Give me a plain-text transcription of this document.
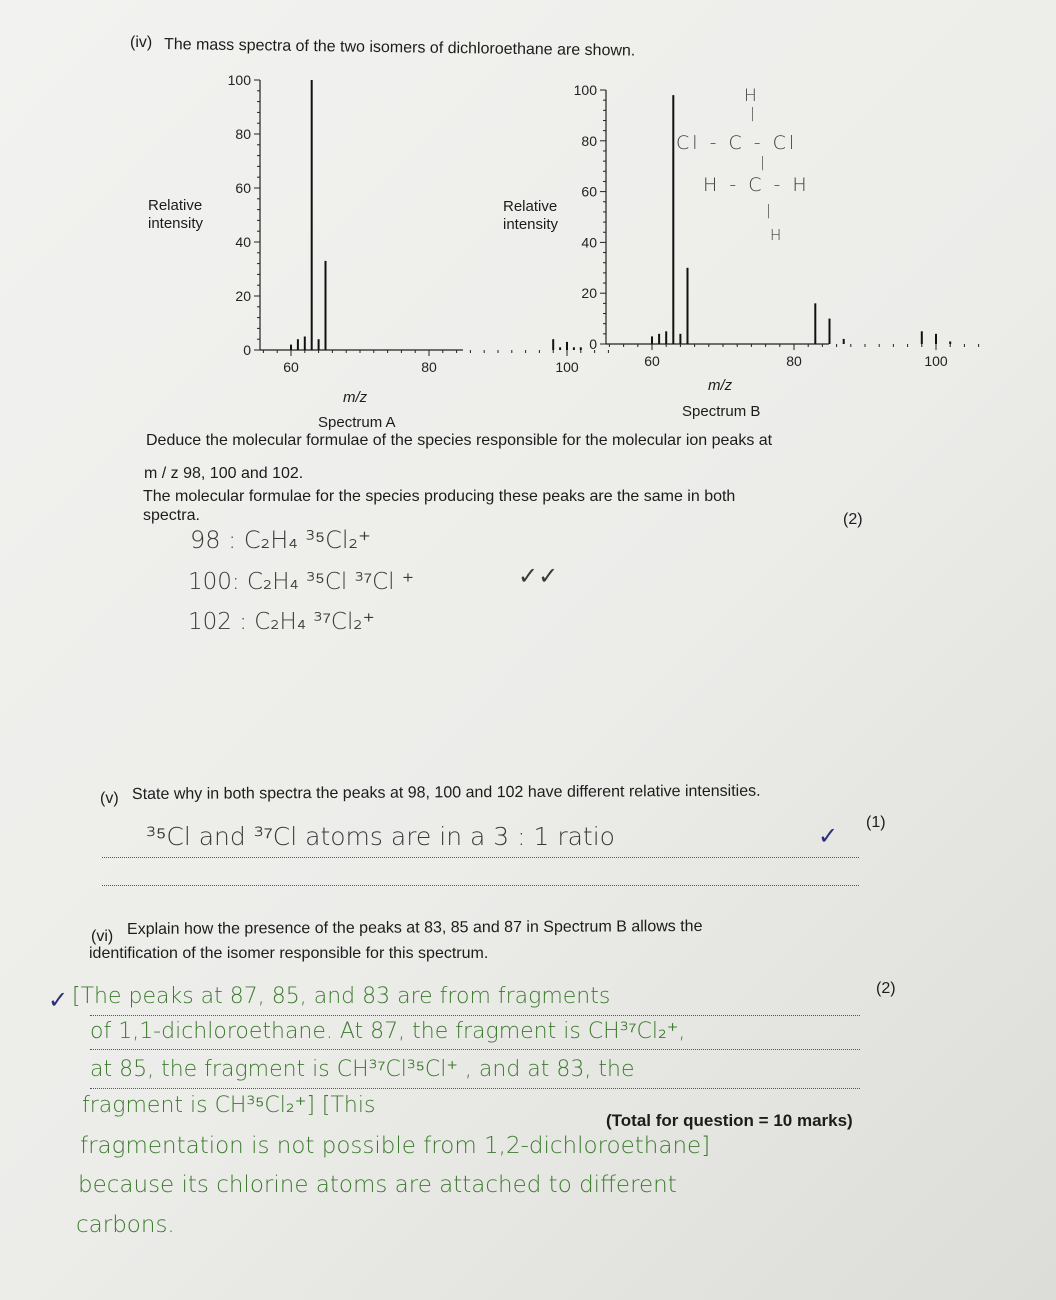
(iv) The mass spectra of the two isomers of dichloroethane are shown.
0
20
40
60
80
100
60	80	100
0
20
40
60
80
100
60	80	100
Relative
intensity
Relative
intensity
m/z
Spectrum A
m/z
Spectrum B
H
|
Cl - C - Cl
|
H - C - H
|
H
Deduce the molecular formulae of the species responsible for the molecular ion peaks at
m / z 98, 100 and 102.
The molecular formulae for the species producing these peaks are the same in both
spectra.	(2)
98 : C₂H₄ ³⁵Cl₂⁺
100: C₂H₄ ³⁵Cl ³⁷Cl ⁺
102 : C₂H₄ ³⁷Cl₂⁺
✓✓
(v) State why in both spectra the peaks at 98, 100 and 102 have different relative intensities.
(1)
³⁵Cl and ³⁷Cl atoms are in a 3 : 1 ratio	✓
(vi) Explain how the presence of the peaks at 83, 85 and 87 in Spectrum B allows the
identification of the isomer responsible for this spectrum.
(2)
✓ [The peaks at 87, 85, and 83 are from fragments
of 1,1-dichloroethane. At 87, the fragment is CH³⁷Cl₂⁺,
at 85, the fragment is CH³⁷Cl³⁵Cl⁺ , and at 83, the
fragment is CH³⁵Cl₂⁺] [This
(Total for question = 10 marks)
fragmentation is not possible from 1,2-dichloroethane]
because its chlorine atoms are attached to different
carbons.
